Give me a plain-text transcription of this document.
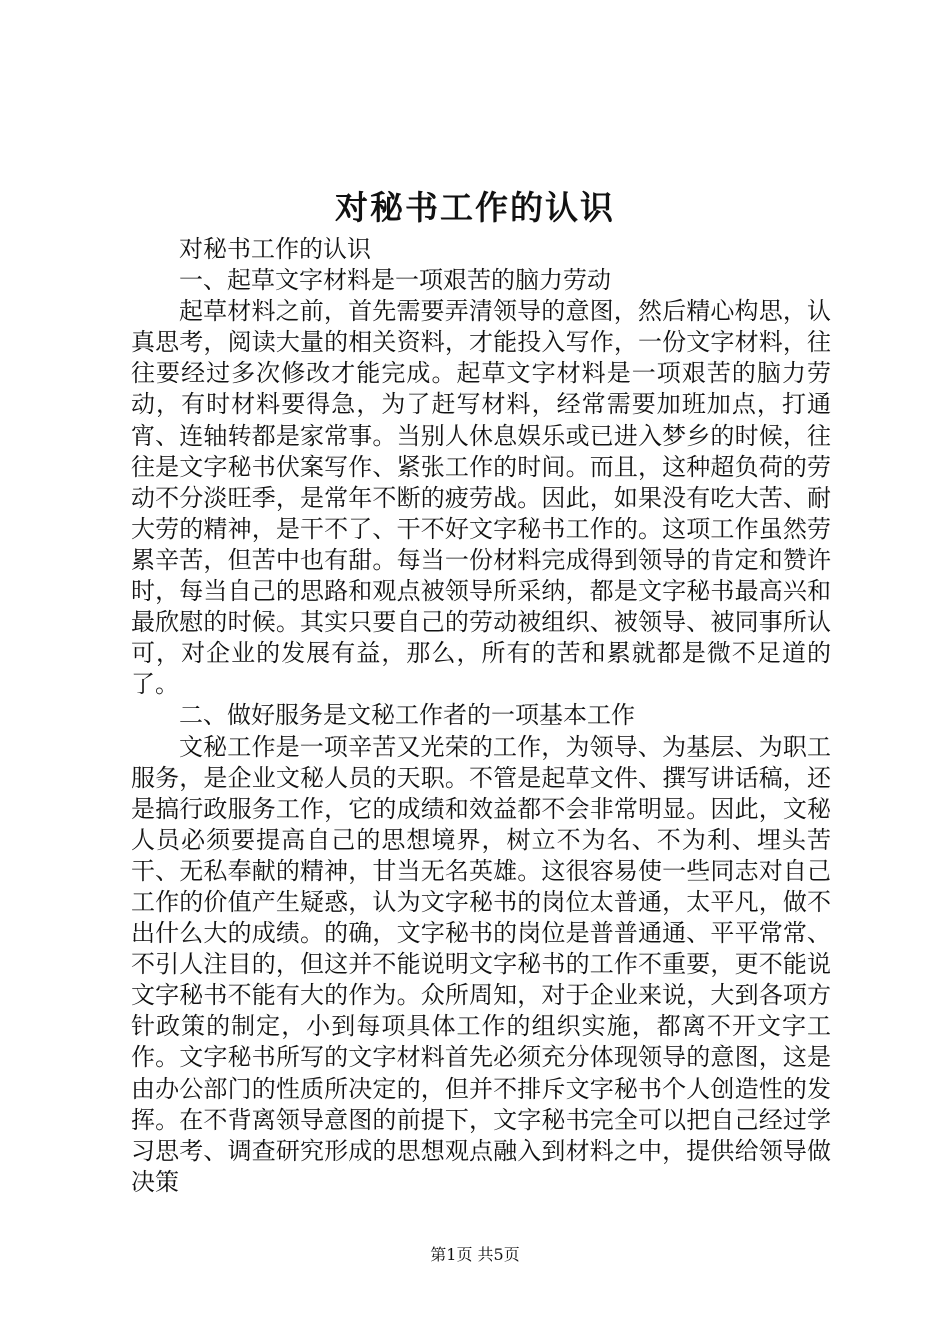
对秘书工作的认识

对秘书工作的认识

一、起草文字材料是一项艰苦的脑力劳动

起草材料之前，首先需要弄清领导的意图，然后精心构思，认真思考，阅读大量的相关资料，才能投入写作，一份文字材料，往往要经过多次修改才能完成。起草文字材料是一项艰苦的脑力劳动，有时材料要得急，为了赶写材料，经常需要加班加点，打通宵、连轴转都是家常事。当别人休息娱乐或已进入梦乡的时候，往往是文字秘书伏案写作、紧张工作的时间。而且，这种超负荷的劳动不分淡旺季，是常年不断的疲劳战。因此，如果没有吃大苦、耐大劳的精神，是干不了、干不好文字秘书工作的。这项工作虽然劳累辛苦，但苦中也有甜。每当一份材料完成得到领导的肯定和赞许时，每当自己的思路和观点被领导所采纳，都是文字秘书最高兴和最欣慰的时候。其实只要自己的劳动被组织、被领导、被同事所认可，对企业的发展有益，那么，所有的苦和累就都是微不足道的了。

二、做好服务是文秘工作者的一项基本工作

文秘工作是一项辛苦又光荣的工作，为领导、为基层、为职工服务，是企业文秘人员的天职。不管是起草文件、撰写讲话稿，还是搞行政服务工作，它的成绩和效益都不会非常明显。因此，文秘人员必须要提高自己的思想境界，树立不为名、不为利、埋头苦干、无私奉献的精神，甘当无名英雄。这很容易使一些同志对自己工作的价值产生疑惑，认为文字秘书的岗位太普通，太平凡，做不出什么大的成绩。的确，文字秘书的岗位是普普通通、平平常常、不引人注目的，但这并不能说明文字秘书的工作不重要，更不能说文字秘书不能有大的作为。众所周知，对于企业来说，大到各项方针政策的制定，小到每项具体工作的组织实施，都离不开文字工作。文字秘书所写的文字材料首先必须充分体现领导的意图，这是由办公部门的性质所决定的，但并不排斥文字秘书个人创造性的发挥。在不背离领导意图的前提下，文字秘书完全可以把自己经过学习思考、调查研究形成的思想观点融入到材料之中，提供给领导做决策

第1页 共5页
